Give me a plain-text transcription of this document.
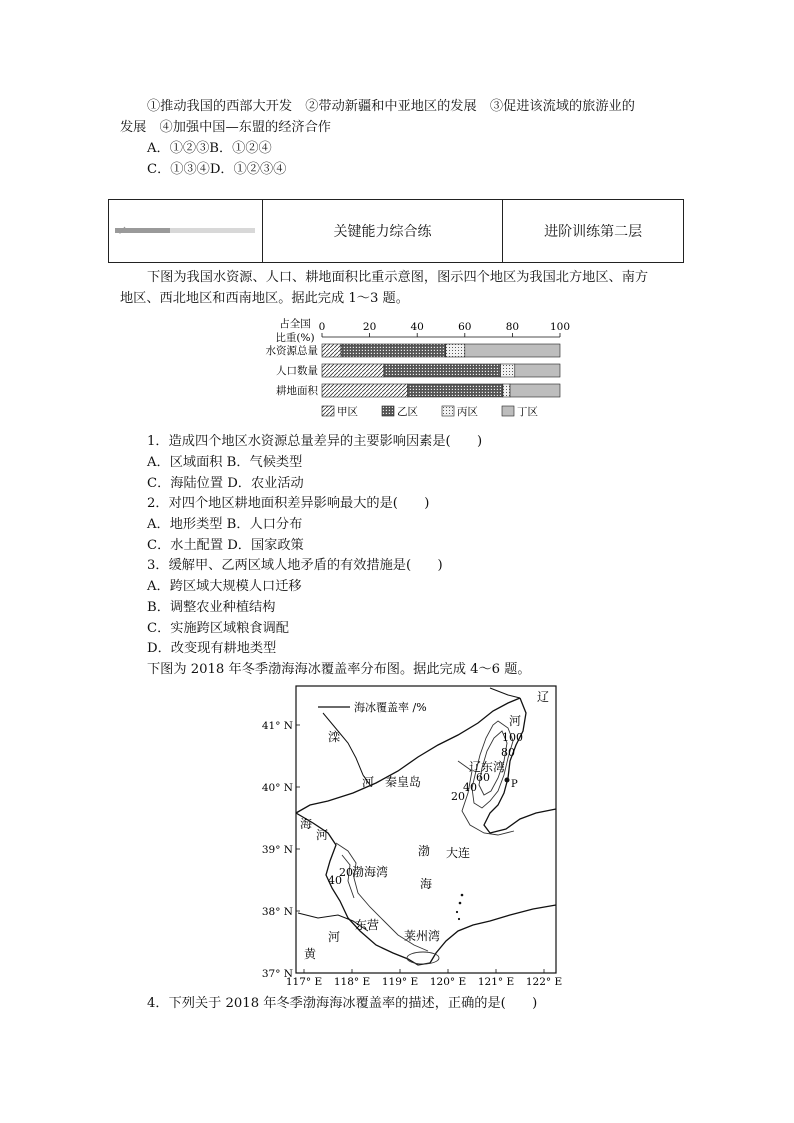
①推动我国的西部大开发　②带动新疆和中亚地区的发展　③促进该流域的旅游业的
发展　④加强中国—东盟的经济合作
A．①②③B．①②④
C．①③④D．①②③④
关键能力综合练	进阶训练第二层
下图为我国水资源、人口、耕地面积比重示意图，图示四个地区为我国北方地区、南方
地区、西北地区和西南地区。据此完成 1～3 题。
占全国
比重(%)
0	20	40	60	80	100
水资源总量
人口数量
耕地面积
甲区	乙区	丙区	丁区
1．造成四个地区水资源总量差异的主要影响因素是(　　)
A．区域面积 B．气候类型
C．海陆位置 D．农业活动
2．对四个地区耕地面积差异影响最大的是(　　)
A．地形类型 B．人口分布
C．水土配置 D．国家政策
3．缓解甲、乙两区域人地矛盾的有效措施是(　　)
A．跨区域大规模人口迁移
B．调整农业种植结构
C．实施跨区域粮食调配
D．改变现有耕地类型
下图为 2018 年冬季渤海海冰覆盖率分布图。据此完成 4～6 题。
海冰覆盖率 /%
辽
河
滦
河 秦皇岛
辽东湾
P
海
河
渤 大连
渤海湾
海
东营
莱州湾
河
黄
100
80
60
40
20
20
40
41° N
40° N
39° N
38° N
37° N
117° E 118° E 119° E 120° E 121° E 122° E
4．下列关于 2018 年冬季渤海海冰覆盖率的描述，正确的是(　　)
